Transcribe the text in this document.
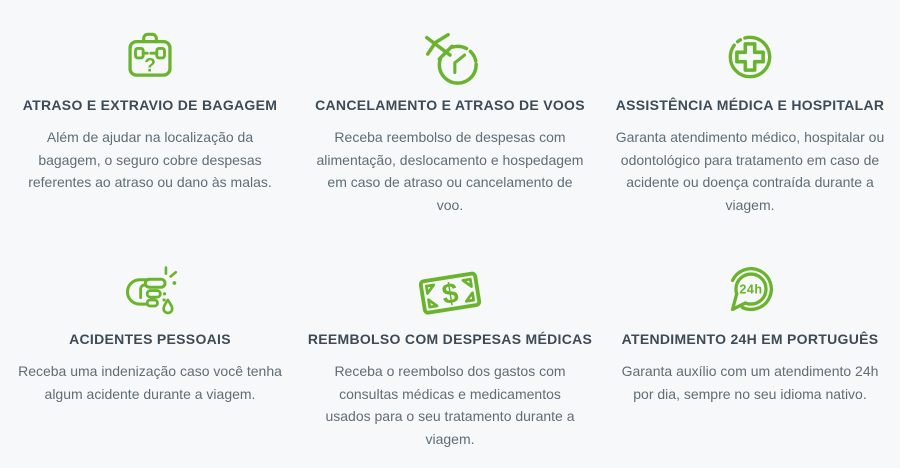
?
ATRASO E EXTRAVIO DE BAGAGEM

Além de ajudar na localização da bagagem, o seguro cobre despesas referentes ao atraso ou dano às malas.

CANCELAMENTO E ATRASO DE VOOS

Receba reembolso de despesas com alimentação, deslocamento e hospedagem em caso de atraso ou cancelamento de voo.

ASSISTÊNCIA MÉDICA E HOSPITALAR

Garanta atendimento médico, hospitalar ou odontológico para tratamento em caso de acidente ou doença contraída durante a viagem.

ACIDENTES PESSOAIS

Receba uma indenização caso você tenha algum acidente durante a viagem.

$
REEMBOLSO COM DESPESAS MÉDICAS

Receba o reembolso dos gastos com consultas médicas e medicamentos usados para o seu tratamento durante a viagem.

24h
ATENDIMENTO 24H EM PORTUGUÊS

Garanta auxílio com um atendimento 24h por dia, sempre no seu idioma nativo.
